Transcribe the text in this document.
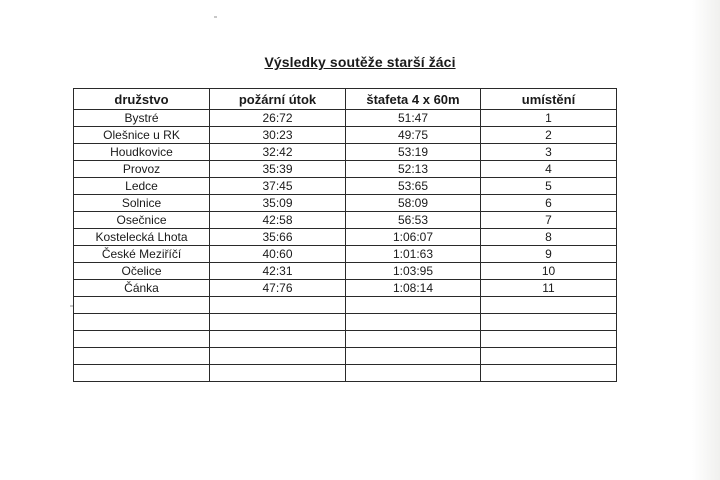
Výsledky soutěže starší žáci
družstvo	požární útok	štafeta 4 x 60m	umístění
Bystré	26:72	51:47	1
Olešnice u RK	30:23	49:75	2
Houdkovice	32:42	53:19	3
Provoz	35:39	52:13	4
Ledce	37:45	53:65	5
Solnice	35:09	58:09	6
Osečnice	42:58	56:53	7
Kostelecká Lhota	35:66	1:06:07	8
České Meziříčí	40:60	1:01:63	9
Očelice	42:31	1:03:95	10
Čánka	47:76	1:08:14	11
